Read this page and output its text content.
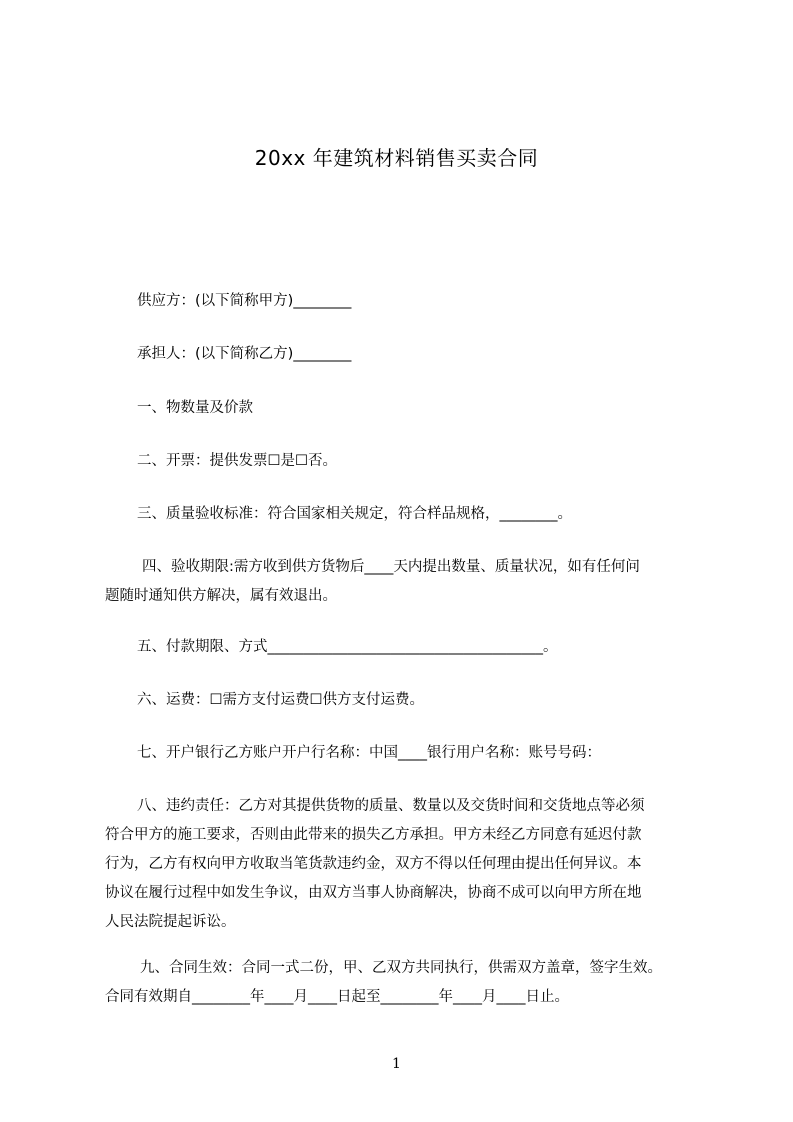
20xx 年建筑材料销售买卖合同
供应方：(以下简称甲方)________
承担人：(以下简称乙方)________
一、物数量及价款
二、开票：提供发票☐是☐否。
三、质量验收标准：符合国家相关规定，符合样品规格，________。
四、验收期限:需方收到供方货物后____天内提出数量、质量状况，如有任何问
题随时通知供方解决，属有效退出。
五、付款期限、方式______________________________________。
六、运费：☐需方支付运费☐供方支付运费。
七、开户银行乙方账户开户行名称：中国____银行用户名称：账号号码：
八、违约责任：乙方对其提供货物的质量、数量以及交货时间和交货地点等必须
符合甲方的施工要求，否则由此带来的损失乙方承担。甲方未经乙方同意有延迟付款
行为，乙方有权向甲方收取当笔货款违约金，双方不得以任何理由提出任何异议。本
协议在履行过程中如发生争议，由双方当事人协商解决，协商不成可以向甲方所在地
人民法院提起诉讼。
九、合同生效：合同一式二份，甲、乙双方共同执行，供需双方盖章，签字生效。
合同有效期自________年____月____日起至________年____月____日止。
1
